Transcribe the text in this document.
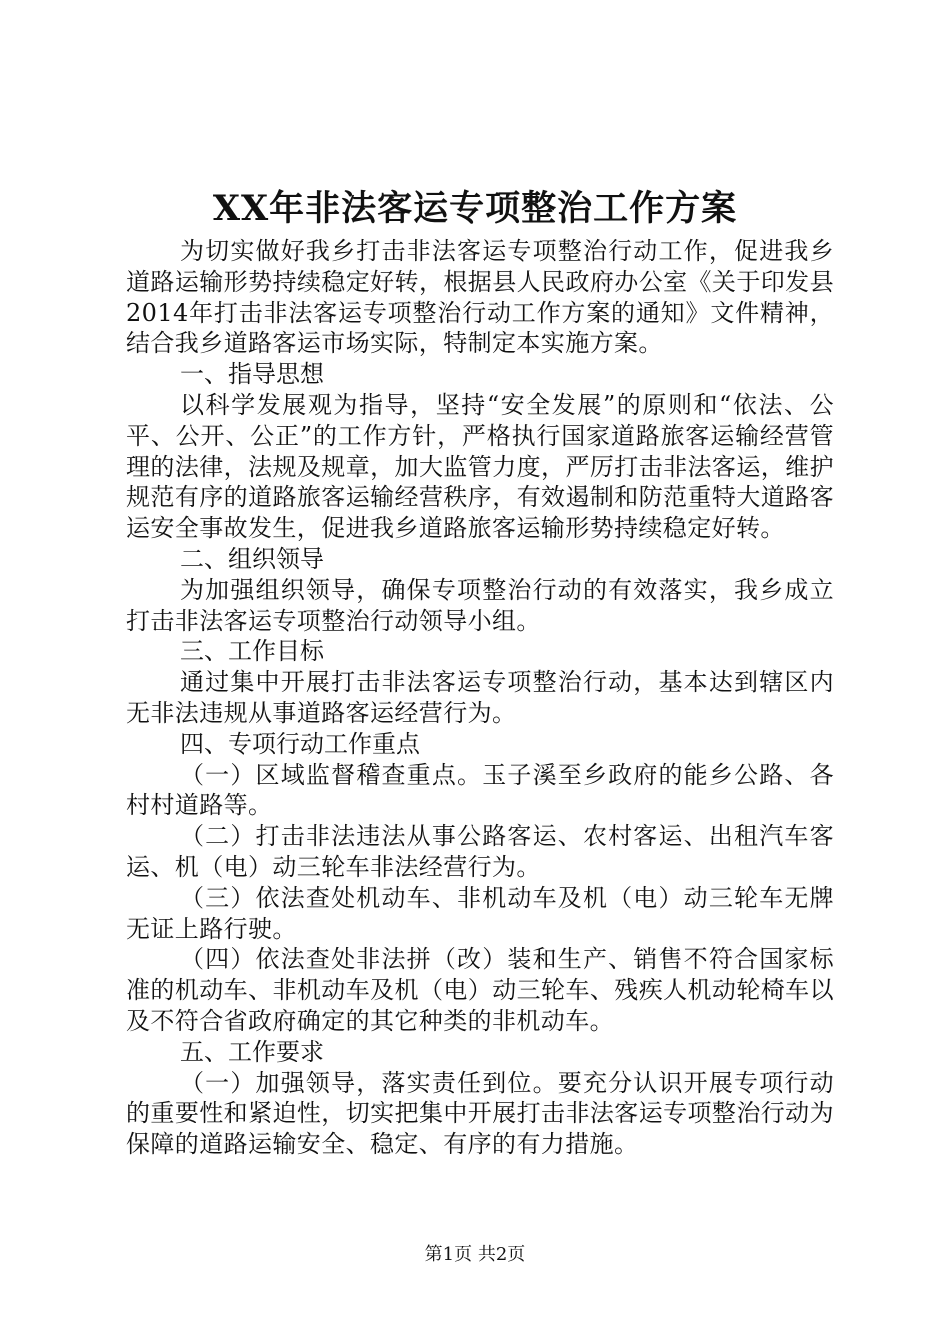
XX年非法客运专项整治工作方案

为切实做好我乡打击非法客运专项整治行动工作，促进我乡道路运输形势持续稳定好转，根据县人民政府办公室《关于印发县2014年打击非法客运专项整治行动工作方案的通知》文件精神，结合我乡道路客运市场实际，特制定本实施方案。

一、指导思想

以科学发展观为指导，坚持“安全发展”的原则和“依法、公平、公开、公正”的工作方针，严格执行国家道路旅客运输经营管理的法律，法规及规章，加大监管力度，严厉打击非法客运，维护规范有序的道路旅客运输经营秩序，有效遏制和防范重特大道路客运安全事故发生，促进我乡道路旅客运输形势持续稳定好转。

二、组织领导

为加强组织领导，确保专项整治行动的有效落实，我乡成立打击非法客运专项整治行动领导小组。

三、工作目标

通过集中开展打击非法客运专项整治行动，基本达到辖区内无非法违规从事道路客运经营行为。

四、专项行动工作重点

（一）区域监督稽查重点。玉子溪至乡政府的能乡公路、各村村道路等。

（二）打击非法违法从事公路客运、农村客运、出租汽车客运、机（电）动三轮车非法经营行为。

（三）依法查处机动车、非机动车及机（电）动三轮车无牌无证上路行驶。

（四）依法查处非法拼（改）装和生产、销售不符合国家标准的机动车、非机动车及机（电）动三轮车、残疾人机动轮椅车以及不符合省政府确定的其它种类的非机动车。

五、工作要求

（一）加强领导，落实责任到位。要充分认识开展专项行动的重要性和紧迫性，切实把集中开展打击非法客运专项整治行动为保障的道路运输安全、稳定、有序的有力措施。

第1页 共2页
